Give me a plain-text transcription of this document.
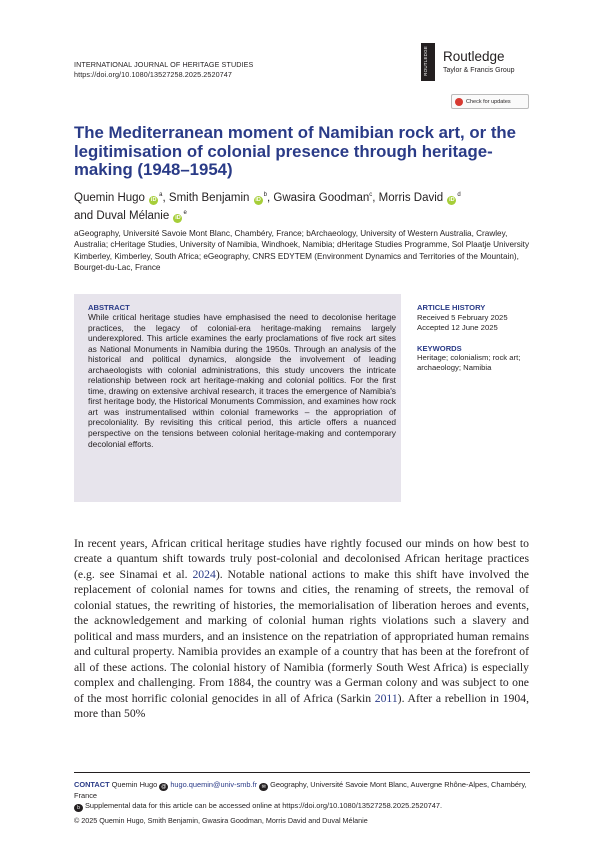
INTERNATIONAL JOURNAL OF HERITAGE STUDIES
https://doi.org/10.1080/13527258.2025.2520747	ROUTLEDGE Routledge
Taylor & Francis Group
Check for updates
The Mediterranean moment of Namibian rock art, or the legitimisation of colonial presence through heritage-making (1948–1954)
Quemin Hugo $iD^a$, Smith Benjamin $iD^b$, Gwasira Goodman$^c$, Morris David $iD^d$
and Duval Mélanie $iD^e$
aGeography, Université Savoie Mont Blanc, Chambéry, France; bArchaeology, University of Western Australia, Crawley, Australia; cHeritage Studies, University of Namibia, Windhoek, Namibia; dHeritage Studies Programme, Sol Plaatje University Kimberley, Kimberley, South Africa; eGeography, CNRS EDYTEM (Environment Dynamics and Territories of the Mountain), Bourget-du-Lac, France
ABSTRACT
While critical heritage studies have emphasised the need to decolonise heritage practices, the legacy of colonial-era heritage-making remains largely underexplored. This article examines the early proclamations of five rock art sites as National Monuments in Namibia during the 1950s. Through an analysis of the historical and political dynamics, alongside the involvement of leading archaeologists with colonial administrations, this study uncovers the intricate relationship between rock art heritage-making and colonial politics. For the first time, drawing on extensive archival research, it traces the emergence of Namibia's first heritage body, the Historical Monuments Commission, and examines how rock art was instrumentalised within colonial frameworks – the appropriation of precoloniality. By revisiting this critical period, this article offers a nuanced perspective on the tensions between colonial heritage-making and contemporary decolonial efforts.
ARTICLE HISTORY
Received 5 February 2025
Accepted 12 June 2025
KEYWORDS
Heritage; colonialism; rock art; archaeology; Namibia
In recent years, African critical heritage studies have rightly focused our minds on how best to create a quantum shift towards truly post-colonial and decolonised African heritage practices (e.g. see Sinamai et al. 2024). Notable national actions to make this shift have involved the replacement of colonial names for towns and cities, the renaming of streets, the removal of colonial statues, the rewriting of histories, the memorialisation of liberation heroes and events, the acknowledgement and marking of colonial human rights violations such a slavery and political and mass murders, and an insistence on the repatriation of appropriated human remains and cultural property. Namibia provides an example of a country that has been at the forefront of all of these actions. The colonial history of Namibia (formerly South West Africa) is especially complex and challenging. From 1884, the country was a German colony and was subject to one of the most horrific colonial genocides in all of Africa (Sarkin 2011). After a rebellion in 1904, more than 50%
CONTACT Quemin Hugo @ hugo.quemin@univ-smb.fr ✉ Geography, Université Savoie Mont Blanc, Auvergne Rhône-Alpes, Chambéry, France
b Supplemental data for this article can be accessed online at https://doi.org/10.1080/13527258.2025.2520747.
© 2025 Quemin Hugo, Smith Benjamin, Gwasira Goodman, Morris David and Duval Mélanie
